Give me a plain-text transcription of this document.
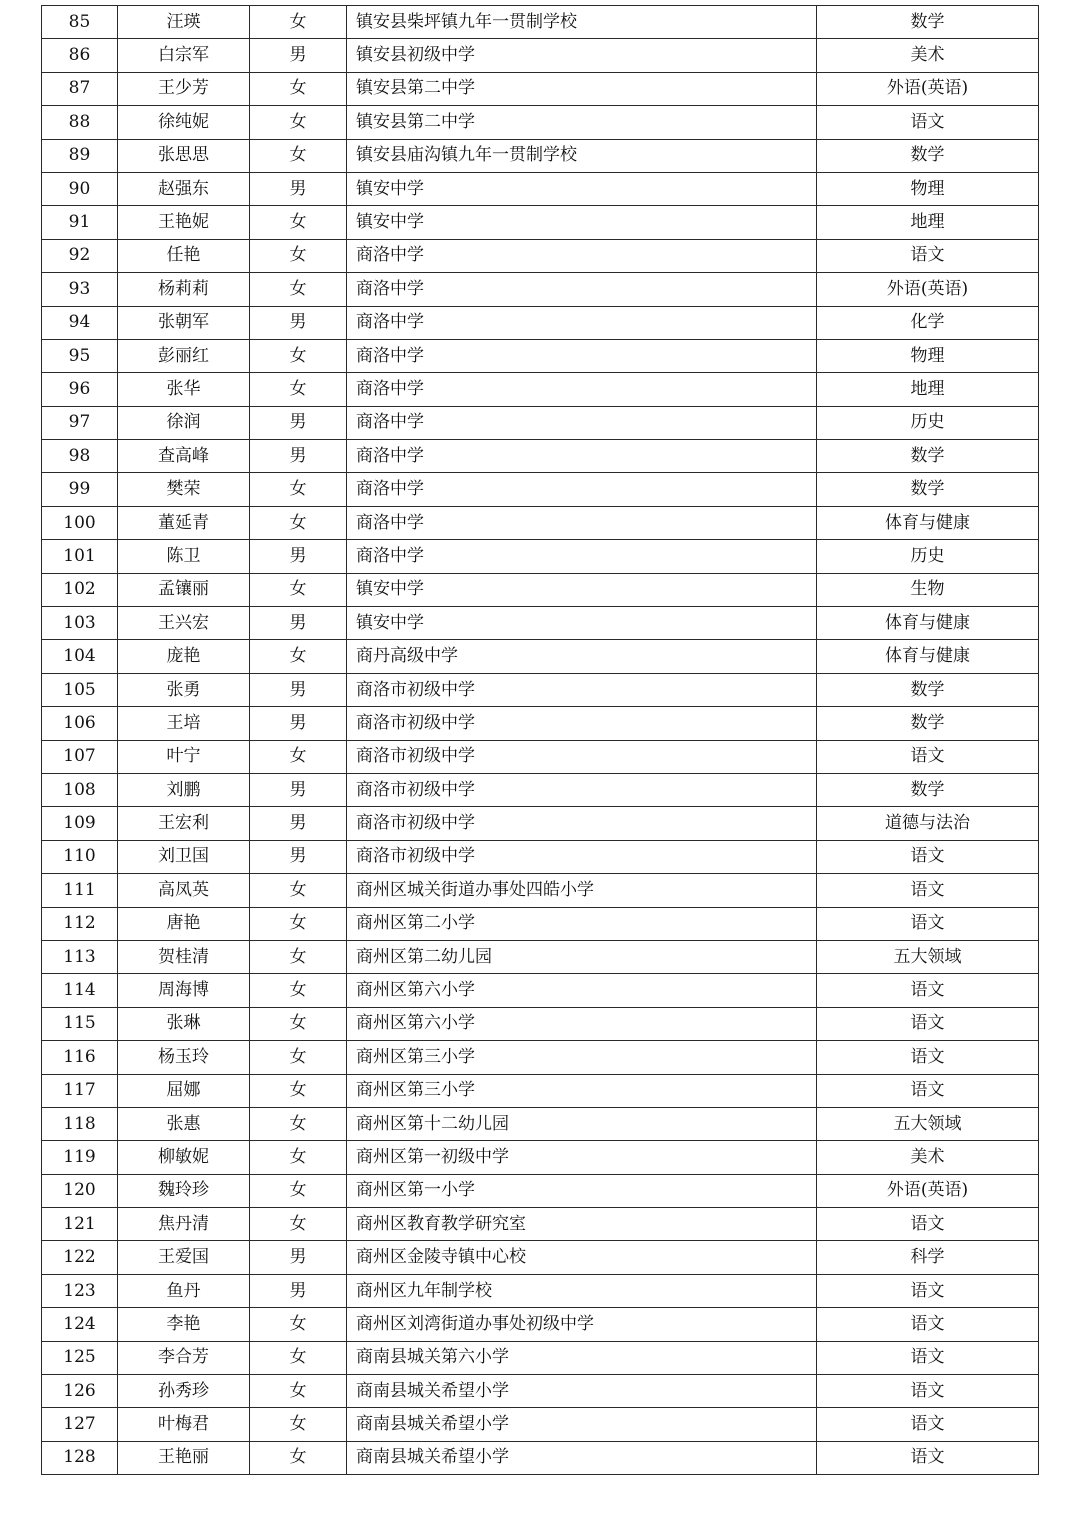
85	汪瑛	女	镇安县柴坪镇九年一贯制学校	数学
86	白宗军	男	镇安县初级中学	美术
87	王少芳	女	镇安县第二中学	外语(英语)
88	徐纯妮	女	镇安县第二中学	语文
89	张思思	女	镇安县庙沟镇九年一贯制学校	数学
90	赵强东	男	镇安中学	物理
91	王艳妮	女	镇安中学	地理
92	任艳	女	商洛中学	语文
93	杨莉莉	女	商洛中学	外语(英语)
94	张朝军	男	商洛中学	化学
95	彭丽红	女	商洛中学	物理
96	张华	女	商洛中学	地理
97	徐润	男	商洛中学	历史
98	查高峰	男	商洛中学	数学
99	樊荣	女	商洛中学	数学
100	董延青	女	商洛中学	体育与健康
101	陈卫	男	商洛中学	历史
102	孟镶丽	女	镇安中学	生物
103	王兴宏	男	镇安中学	体育与健康
104	庞艳	女	商丹高级中学	体育与健康
105	张勇	男	商洛市初级中学	数学
106	王培	男	商洛市初级中学	数学
107	叶宁	女	商洛市初级中学	语文
108	刘鹏	男	商洛市初级中学	数学
109	王宏利	男	商洛市初级中学	道德与法治
110	刘卫国	男	商洛市初级中学	语文
111	高凤英	女	商州区城关街道办事处四皓小学	语文
112	唐艳	女	商州区第二小学	语文
113	贺桂清	女	商州区第二幼儿园	五大领域
114	周海博	女	商州区第六小学	语文
115	张琳	女	商州区第六小学	语文
116	杨玉玲	女	商州区第三小学	语文
117	屈娜	女	商州区第三小学	语文
118	张惠	女	商州区第十二幼儿园	五大领域
119	柳敏妮	女	商州区第一初级中学	美术
120	魏玲珍	女	商州区第一小学	外语(英语)
121	焦丹清	女	商州区教育教学研究室	语文
122	王爱国	男	商州区金陵寺镇中心校	科学
123	鱼丹	男	商州区九年制学校	语文
124	李艳	女	商州区刘湾街道办事处初级中学	语文
125	李合芳	女	商南县城关第六小学	语文
126	孙秀珍	女	商南县城关希望小学	语文
127	叶梅君	女	商南县城关希望小学	语文
128	王艳丽	女	商南县城关希望小学	语文
